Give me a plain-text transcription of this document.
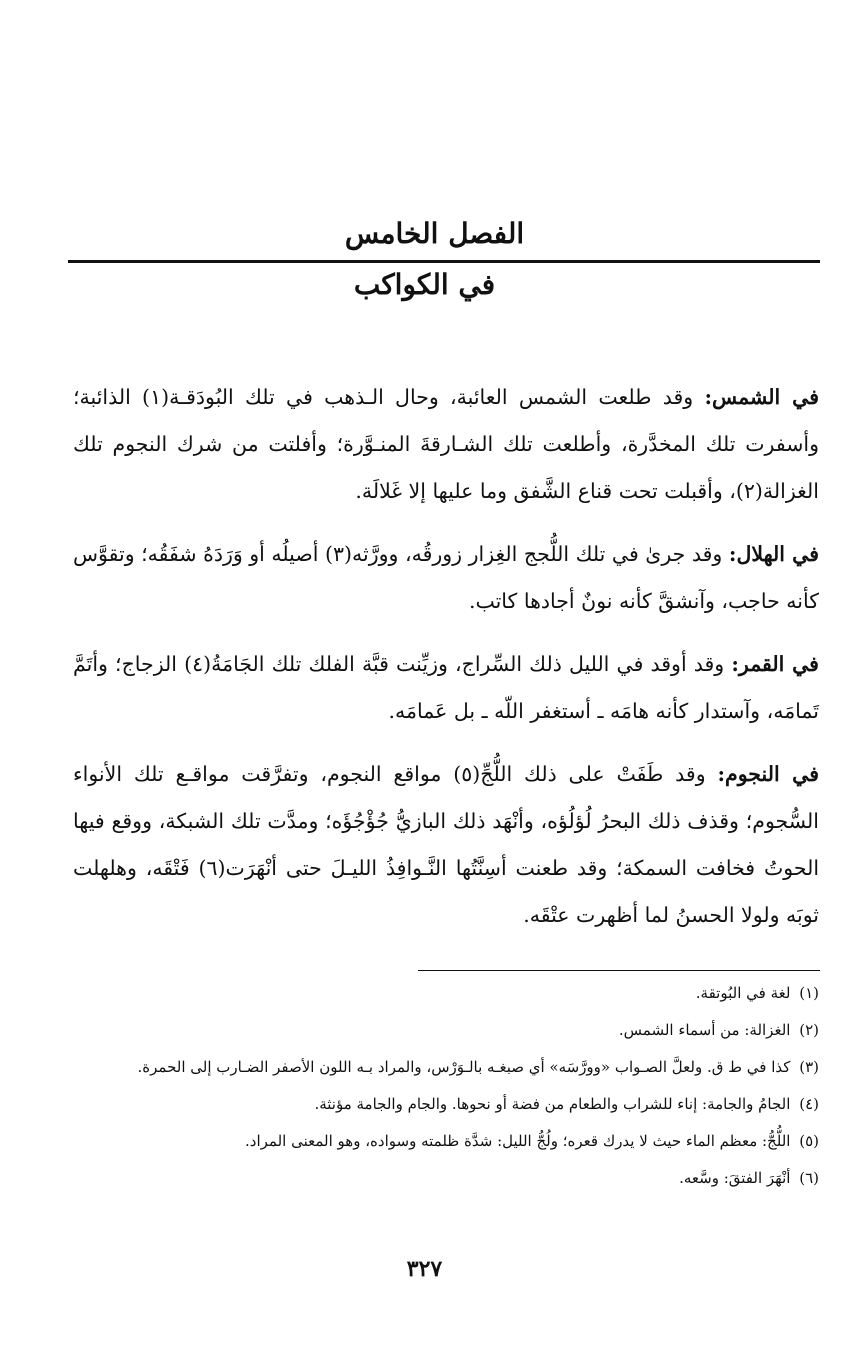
الفصل الخامس
في الكواكب

في الشمس: وقد طلعت الشمس العائبة، وحال الـذهب في تلك البُودَقـة(١) الذائبة؛ وأسفرت تلك المخدَّرة، وأطلعت تلك الشـارقةَ المنـوَّرة؛ وأفلتت من شرك النجوم تلك الغزالة(٢)، وأقبلت تحت قناع الشَّفق وما عليها إلا غَلالَة.

في الهلال: وقد جرىٰ في تلك اللُّجج الغِزار زورقُه، وورَّثه(٣) أصيلُه أو وَرَدَهُ شفَقُه؛ وتقوَّس كأنه حاجب، وآنشقَّ كأنه نونٌ أجادها كاتب.

في القمر: وقد أوقد في الليل ذلك السِّراج، وزيِّنت قبَّة الفلك تلك الجَامَةُ(٤) الزجاج؛ وأتَمَّ تَمامَه، وآستدار كأنه هامَه ـ أستغفر اللّه ـ بل عَمامَه.

في النجوم: وقد طَفَتْ على ذلك اللُّجِّ(٥) مواقع النجوم، وتفرَّقت مواقـع تلك الأنواء السُّجوم؛ وقذف ذلك البحرُ لُؤلُؤه، وأنْهَد ذلك البازيُّ جُؤْجُؤَه؛ ومدَّت تلك الشبكة، ووقع فيها الحوتُ فخافت السمكة؛ وقد طعنت أسِنَّتُها النَّـوافِذُ الليـلَ حتى أنْهَرَت(٦) فَتْقَه، وهلهلت ثوبَه ولولا الحسنُ لما أظهرت عتْقَه.

(١) لغة في البُوتقة.

(٢) الغزالة: من أسماء الشمس.

(٣) كذا في ط ق. ولعلَّ الصـواب «وورَّسَه» أي صبغـه بالـوَرْس، والمراد بـه اللون الأصفر الضـارب إلى الحمرة.

(٤) الجامُ والجامة: إناء للشراب والطعام من فضة أو نحوها. والجام والجامة مؤنثة.

(٥) اللُّجُّ: معظم الماء حيث لا يدرك قعره؛ ولُجُّ الليل: شدَّة ظلمته وسواده، وهو المعنى المراد.

(٦) أنْهَرَ الفتقَ: وسَّعه.

٣٢٧
